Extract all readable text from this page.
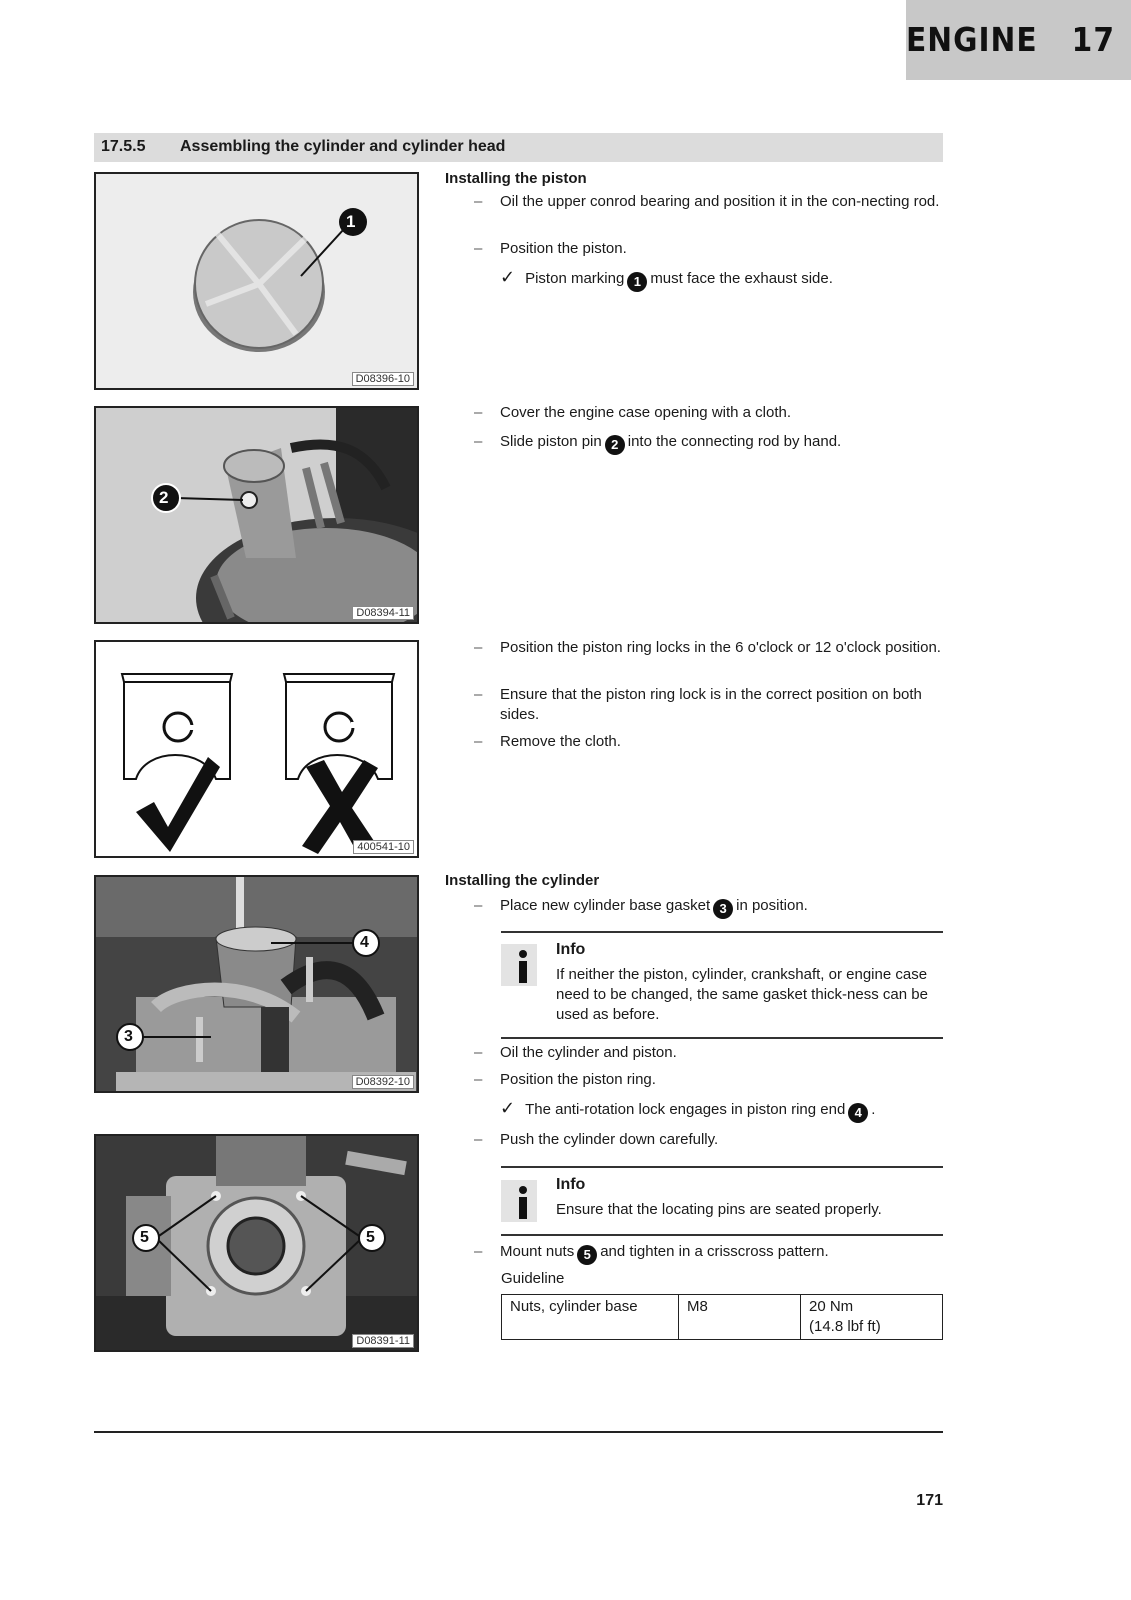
ENGINE 17
17.5.5 Assembling the cylinder and cylinder head
1
D08396-10
2
D08394-11
400541-10
4
3
D08392-10
5	5
D08391-11
Installing the piston
– Oil the upper conrod bearing and position it in the con-necting rod.
– Position the piston.
✓ Piston marking 1 must face the exhaust side.
– Cover the engine case opening with a cloth.
– Slide piston pin 2 into the connecting rod by hand.
– Position the piston ring locks in the 6 o'clock or 12 o'clock position.
– Ensure that the piston ring lock is in the correct position on both sides.
– Remove the cloth.
Installing the cylinder
– Place new cylinder base gasket 3 in position.
Info
If neither the piston, cylinder, crankshaft, or engine case need to be changed, the same gasket thick-ness can be used as before.
– Oil the cylinder and piston.
– Position the piston ring.
✓ The anti-rotation lock engages in piston ring end 4 .
– Push the cylinder down carefully.
Info
Ensure that the locating pins are seated properly.
– Mount nuts 5 and tighten in a crisscross pattern.
Guideline
Nuts, cylinder base	M8	20 Nm
(14.8 lbf ft)
171
